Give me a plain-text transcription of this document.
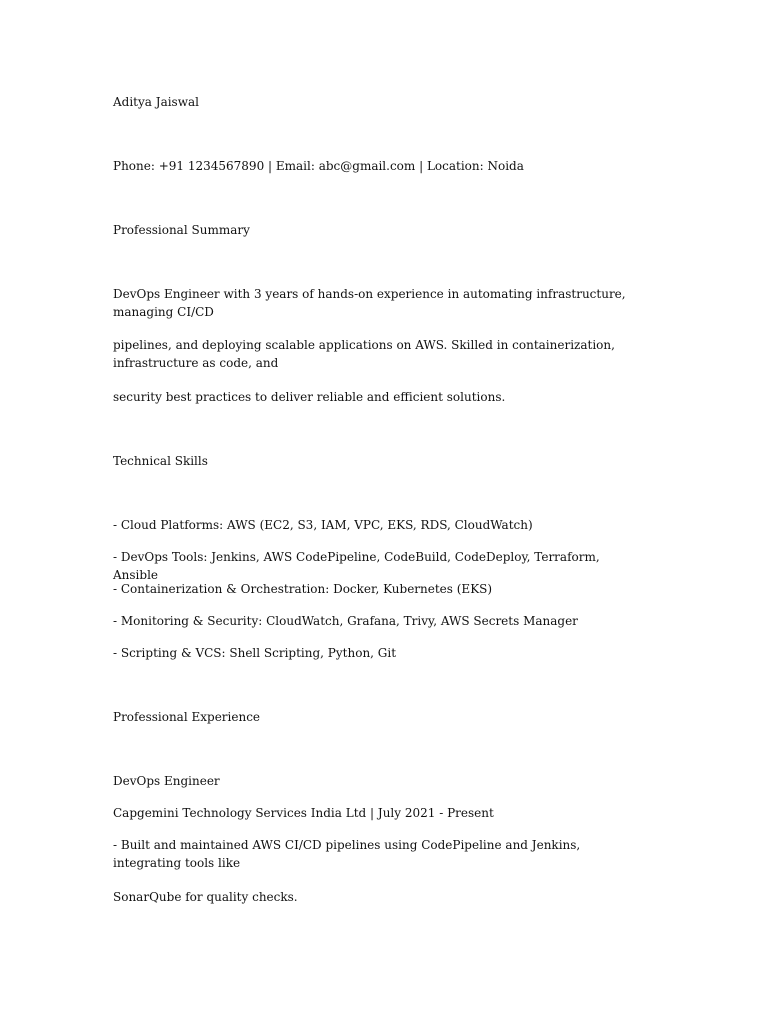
Aditya Jaiswal

Phone: +91 1234567890 | Email: abc@gmail.com | Location: Noida

Professional Summary

DevOps Engineer with 3 years of hands-on experience in automating infrastructure, managing CI/CD

pipelines, and deploying scalable applications on AWS. Skilled in containerization, infrastructure as code, and

security best practices to deliver reliable and efficient solutions.

Technical Skills

- Cloud Platforms: AWS (EC2, S3, IAM, VPC, EKS, RDS, CloudWatch)

- DevOps Tools: Jenkins, AWS CodePipeline, CodeBuild, CodeDeploy, Terraform, Ansible

- Containerization & Orchestration: Docker, Kubernetes (EKS)

- Monitoring & Security: CloudWatch, Grafana, Trivy, AWS Secrets Manager

- Scripting & VCS: Shell Scripting, Python, Git

Professional Experience

DevOps Engineer

Capgemini Technology Services India Ltd | July 2021 - Present

- Built and maintained AWS CI/CD pipelines using CodePipeline and Jenkins, integrating tools like

SonarQube for quality checks.
